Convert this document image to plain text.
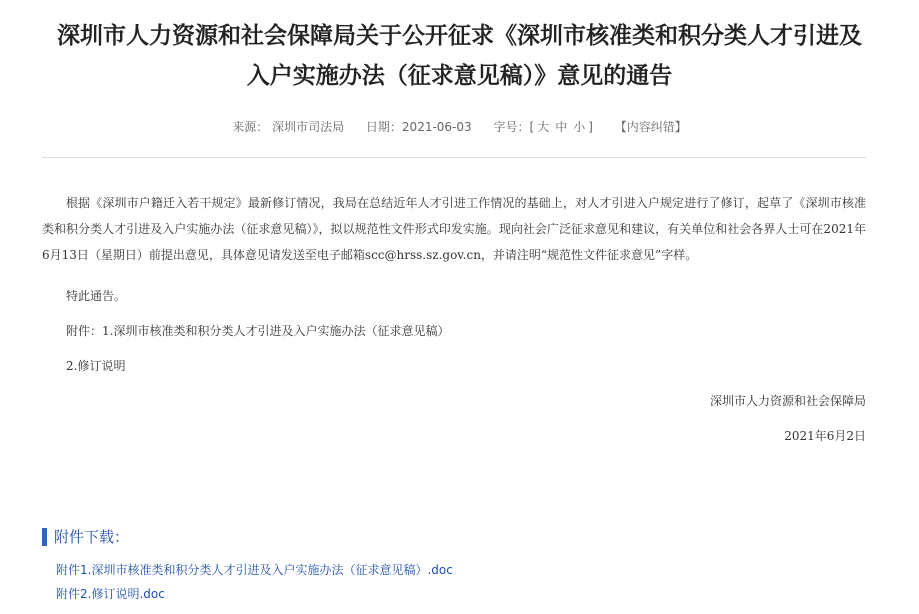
深圳市人力资源和社会保障局关于公开征求《深圳市核准类和积分类人才引进及
入户实施办法（征求意见稿）》意见的通告
来源： 深圳市司法局 日期：2021-06-03 字号：[ 大 中 小 ] 【内容纠错】

根据《深圳市户籍迁入若干规定》最新修订情况，我局在总结近年人才引进工作情况的基础上，对人才引进入户规定进行了修订，起草了《深圳市核准类和积分类人才引进及入户实施办法（征求意见稿）》，拟以规范性文件形式印发实施。现向社会广泛征求意见和建议，有关单位和社会各界人士可在2021年6月13日（星期日）前提出意见，具体意见请发送至电子邮箱scc@hrss.sz.gov.cn，并请注明“规范性文件征求意见”字样。

特此通告。

附件：1.深圳市核准类和积分类人才引进及入户实施办法（征求意见稿）

2.修订说明

深圳市人力资源和社会保障局

2021年6月2日

附件下载：
附件1.深圳市核准类和积分类人才引进及入户实施办法（征求意见稿）.doc
附件2.修订说明.doc
